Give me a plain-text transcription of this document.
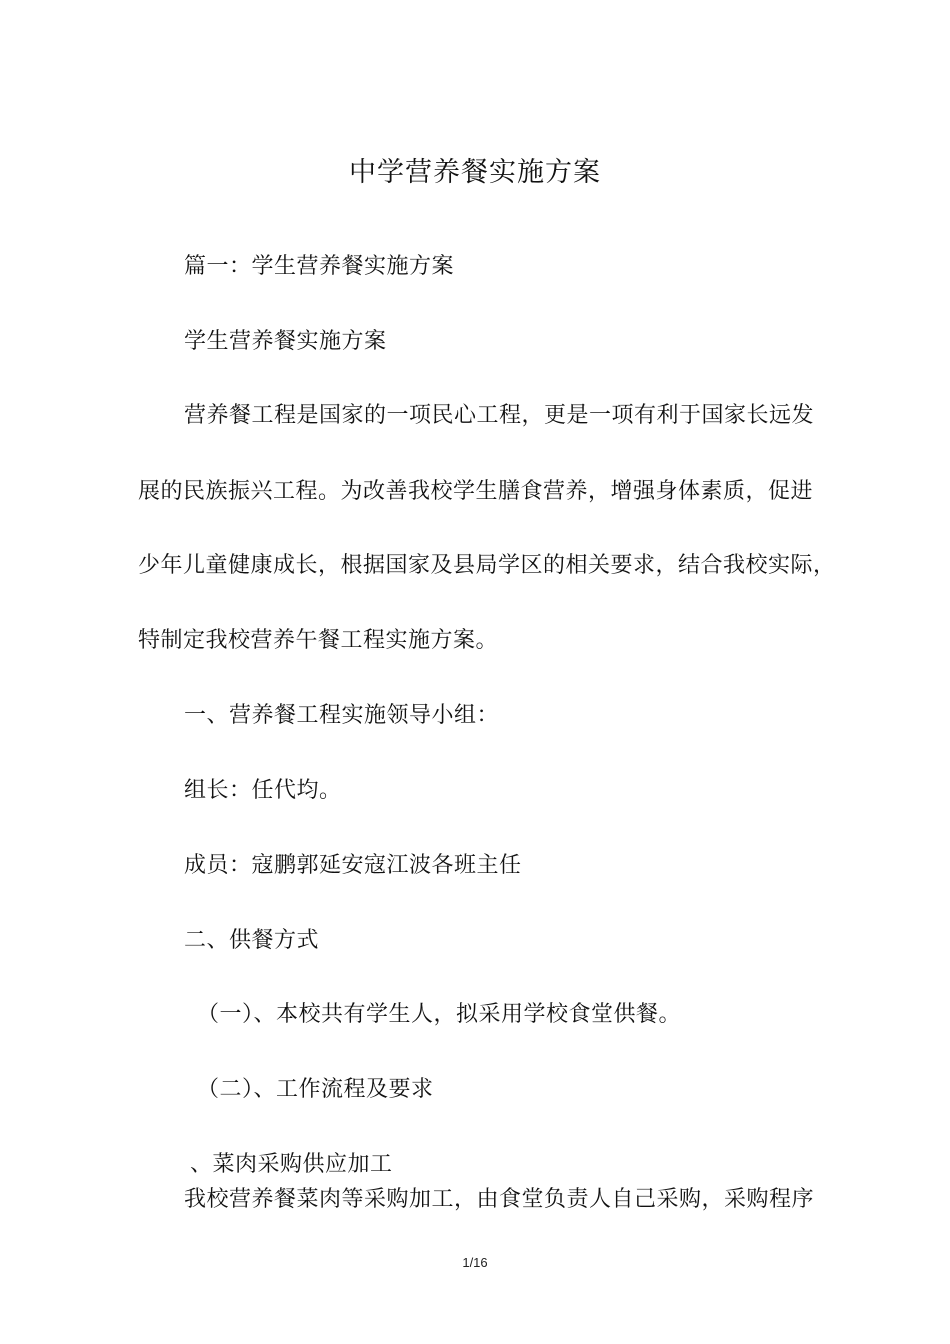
中学营养餐实施方案
篇一：学生营养餐实施方案
学生营养餐实施方案
营养餐工程是国家的一项民心工程，更是一项有利于国家长远发
展的民族振兴工程。为改善我校学生膳食营养，增强身体素质，促进
少年儿童健康成长，根据国家及县局学区的相关要求，结合我校实际，
特制定我校营养午餐工程实施方案。
一、营养餐工程实施领导小组：
组长：任代均。
成员：寇鹏郭延安寇江波各班主任
二、供餐方式
（一）、本校共有学生人，拟采用学校食堂供餐。
（二）、工作流程及要求
、菜肉采购供应加工
我校营养餐菜肉等采购加工，由食堂负责人自己采购，采购程序
1/16
